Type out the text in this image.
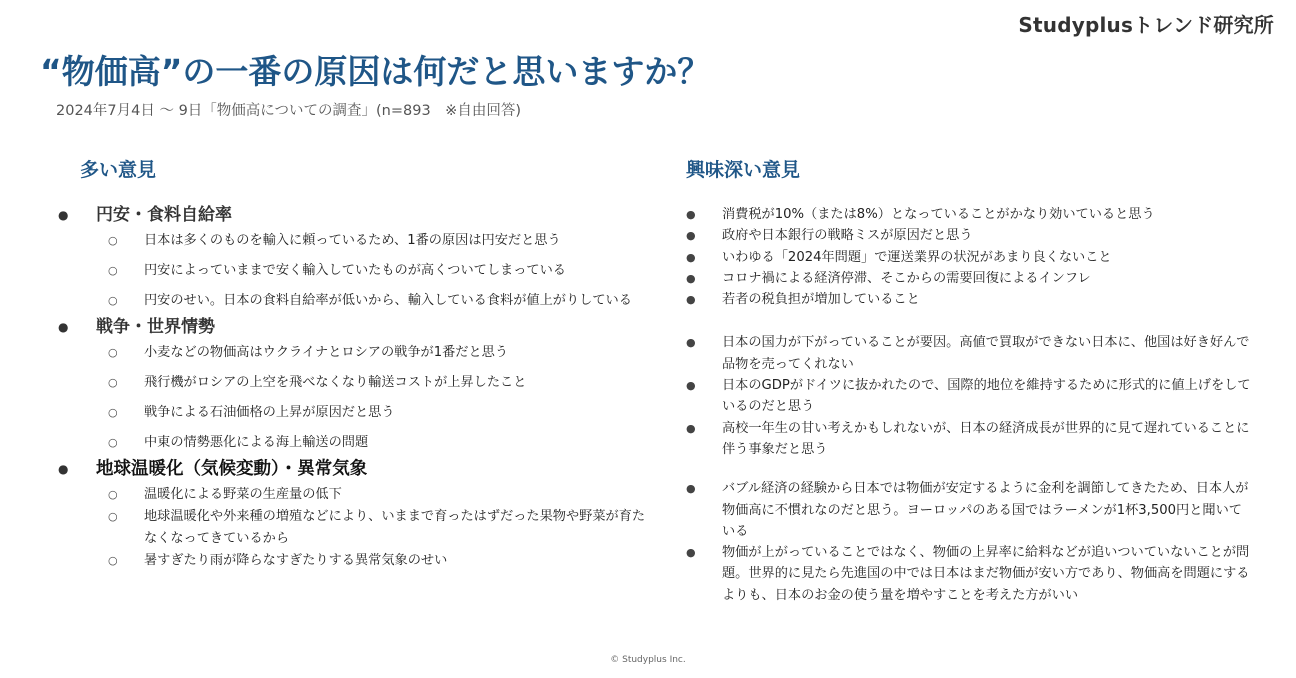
Studyplusトレンド研究所
“物価高”の一番の原因は何だと思いますか？
2024年7月4日 〜 9日「物価高についての調査」(n=893　※自由回答)
多い意見	興味深い意見
● 円安・食料自給率
○ 日本は多くのものを輸入に頼っているため、1番の原因は円安だと思う
○ 円安によっていままで安く輸入していたものが高くついてしまっている
○ 円安のせい。日本の食料自給率が低いから、輸入している食料が値上がりしている
● 戦争・世界情勢
○ 小麦などの物価高はウクライナとロシアの戦争が1番だと思う
○ 飛行機がロシアの上空を飛べなくなり輸送コストが上昇したこと
○ 戦争による石油価格の上昇が原因だと思う
○ 中東の情勢悪化による海上輸送の問題
● 地球温暖化（気候変動）・異常気象
○ 温暖化による野菜の生産量の低下
○ 地球温暖化や外来種の増殖などにより、いままで育ったはずだった果物や野菜が育たなくなってきているから
○ 暑すぎたり雨が降らなすぎたりする異常気象のせい
● 消費税が10%（または8%）となっていることがかなり効いていると思う
● 政府や日本銀行の戦略ミスが原因だと思う
● いわゆる「2024年問題」で運送業界の状況があまり良くないこと
● コロナ禍による経済停滞、そこからの需要回復によるインフレ
● 若者の税負担が増加していること
● 日本の国力が下がっていることが要因。高値で買取ができない日本に、他国は好き好んで品物を売ってくれない
● 日本のGDPがドイツに抜かれたので、国際的地位を維持するために形式的に値上げをしているのだと思う
● 高校一年生の甘い考えかもしれないが、日本の経済成長が世界的に見て遅れていることに伴う事象だと思う
● バブル経済の経験から日本では物価が安定するように金利を調節してきたため、日本人が物価高に不慣れなのだと思う。ヨーロッパのある国ではラーメンが1杯3,500円と聞いている
● 物価が上がっていることではなく、物価の上昇率に給料などが追いついていないことが問題。世界的に見たら先進国の中では日本はまだ物価が安い方であり、物価高を問題にするよりも、日本のお金の使う量を増やすことを考えた方がいい
© Studyplus Inc.
